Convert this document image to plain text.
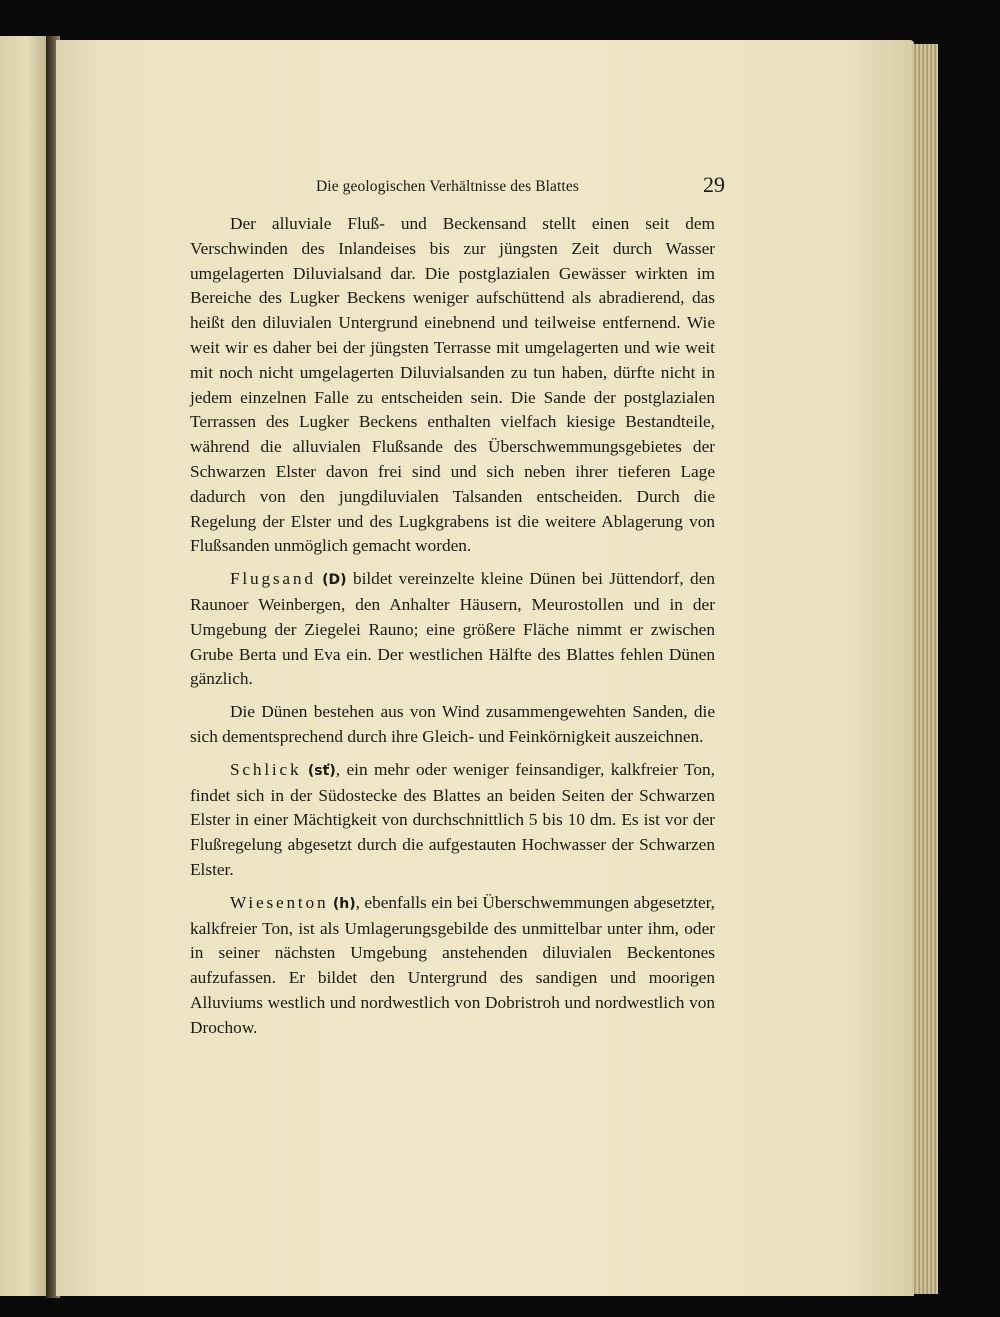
Die geologischen Verhältnisse des Blattes	29

Der alluviale Fluß- und Beckensand stellt einen seit dem Verschwinden des Inlandeises bis zur jüngsten Zeit durch Wasser umgelagerten Diluvialsand dar. Die postglazialen Gewässer wirkten im Bereiche des Lugker Beckens weniger aufschüttend als abradierend, das heißt den diluvialen Untergrund einebnend und teilweise entfernend. Wie weit wir es daher bei der jüngsten Terrasse mit umgelagerten und wie weit mit noch nicht umgelagerten Diluvialsanden zu tun haben, dürfte nicht in jedem einzelnen Falle zu entscheiden sein. Die Sande der postglazialen Terrassen des Lugker Beckens enthalten vielfach kiesige Bestandteile, während die alluvialen Flußsande des Überschwemmungsgebietes der Schwarzen Elster davon frei sind und sich neben ihrer tieferen Lage dadurch von den jungdiluvialen Talsanden entscheiden. Durch die Regelung der Elster und des Lugkgrabens ist die weitere Ablagerung von Flußsanden unmöglich gemacht worden.

Flugsand (D) bildet vereinzelte kleine Dünen bei Jüttendorf, den Raunoer Weinbergen, den Anhalter Häusern, Meurostollen und in der Umgebung der Ziegelei Rauno; eine größere Fläche nimmt er zwischen Grube Berta und Eva ein. Der westlichen Hälfte des Blattes fehlen Dünen gänzlich.

Die Dünen bestehen aus von Wind zusammengewehten Sanden, die sich dementsprechend durch ihre Gleich- und Feinkörnigkeit auszeichnen.

Schlick (sť), ein mehr oder weniger feinsandiger, kalkfreier Ton, findet sich in der Südostecke des Blattes an beiden Seiten der Schwarzen Elster in einer Mächtigkeit von durchschnittlich 5 bis 10 dm. Es ist vor der Flußregelung abgesetzt durch die aufgestauten Hochwasser der Schwarzen Elster.

Wiesenton (h), ebenfalls ein bei Überschwemmungen abgesetzter, kalkfreier Ton, ist als Umlagerungsgebilde des unmittelbar unter ihm, oder in seiner nächsten Umgebung anstehenden diluvialen Beckentones aufzufassen. Er bildet den Untergrund des sandigen und moorigen Alluviums westlich und nordwestlich von Dobristroh und nordwestlich von Drochow.
